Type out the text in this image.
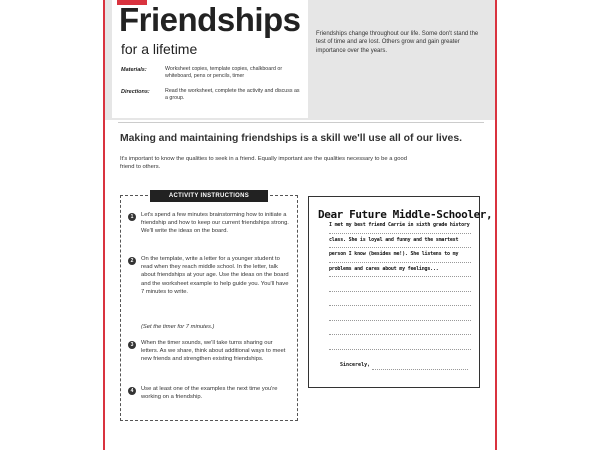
Friendships

for a lifetime

Materials:	Worksheet copies, template copies, chalkboard or whiteboard, pens or pencils, timer
Directions:	Read the worksheet, complete the activity and discuss as a group.
Friendships change throughout our life. Some don't stand the test of time and are lost. Others grow and gain greater importance over the years.
Making and maintaining friendships is a skill we'll use all of our lives.
It's important to know the qualities to seek in a friend. Equally important are the qualities necessary to be a good friend to others.
ACTIVITY INSTRUCTIONS
1	Let's spend a few minutes brainstorming how to initiate a friendship and how to keep our current friendships strong. We'll write the ideas on the board.
2	On the template, write a letter for a younger student to read when they reach middle school. In the letter, talk about friendships at your age. Use the ideas on the board and the worksheet example to help guide you. You'll have 7 minutes to write.
(Set the timer for 7 minutes.)
3	When the timer sounds, we'll take turns sharing our letters. As we share, think about additional ways to meet new friends and strengthen existing friendships.
4	Use at least one of the examples the next time you're working on a friendship.
Dear Future Middle-Schooler,
I met my best friend Carrie in sixth grade history
class. She is loyal and funny and the smartest
person I know (besides me!). She listens to my
problems and cares about my feelings...
Sincerely,
